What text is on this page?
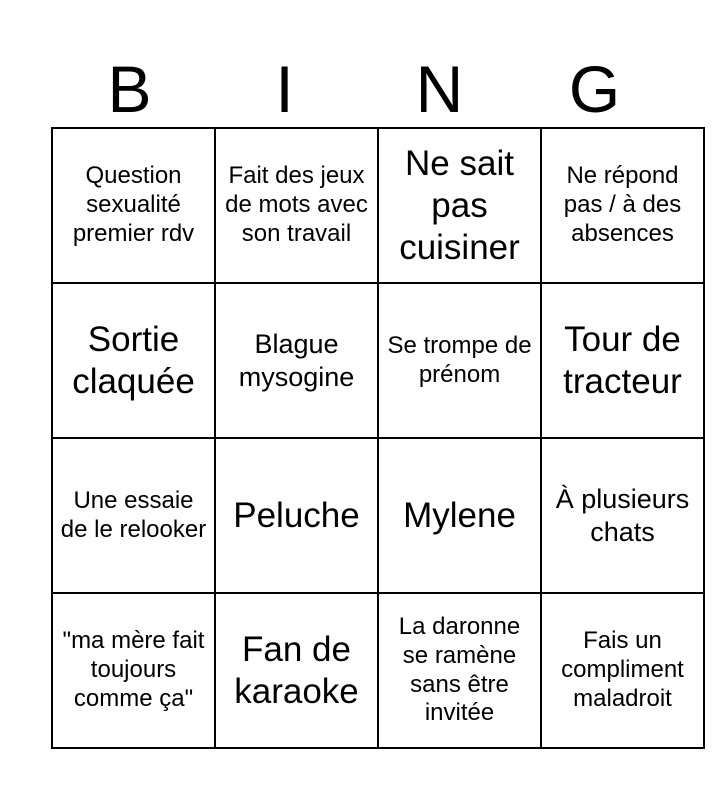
B	I	N	G
Question sexualité premier rdv	Fait des jeux de mots avec son travail	Ne sait pas cuisiner	Ne répond pas / à des absences
Sortie claquée	Blague mysogine	Se trompe de prénom	Tour de tracteur
Une essaie de le relooker	Peluche	Mylene	À plusieurs chats
"ma mère fait toujours comme ça"	Fan de karaoke	La daronne se ramène sans être invitée	Fais un compliment maladroit
